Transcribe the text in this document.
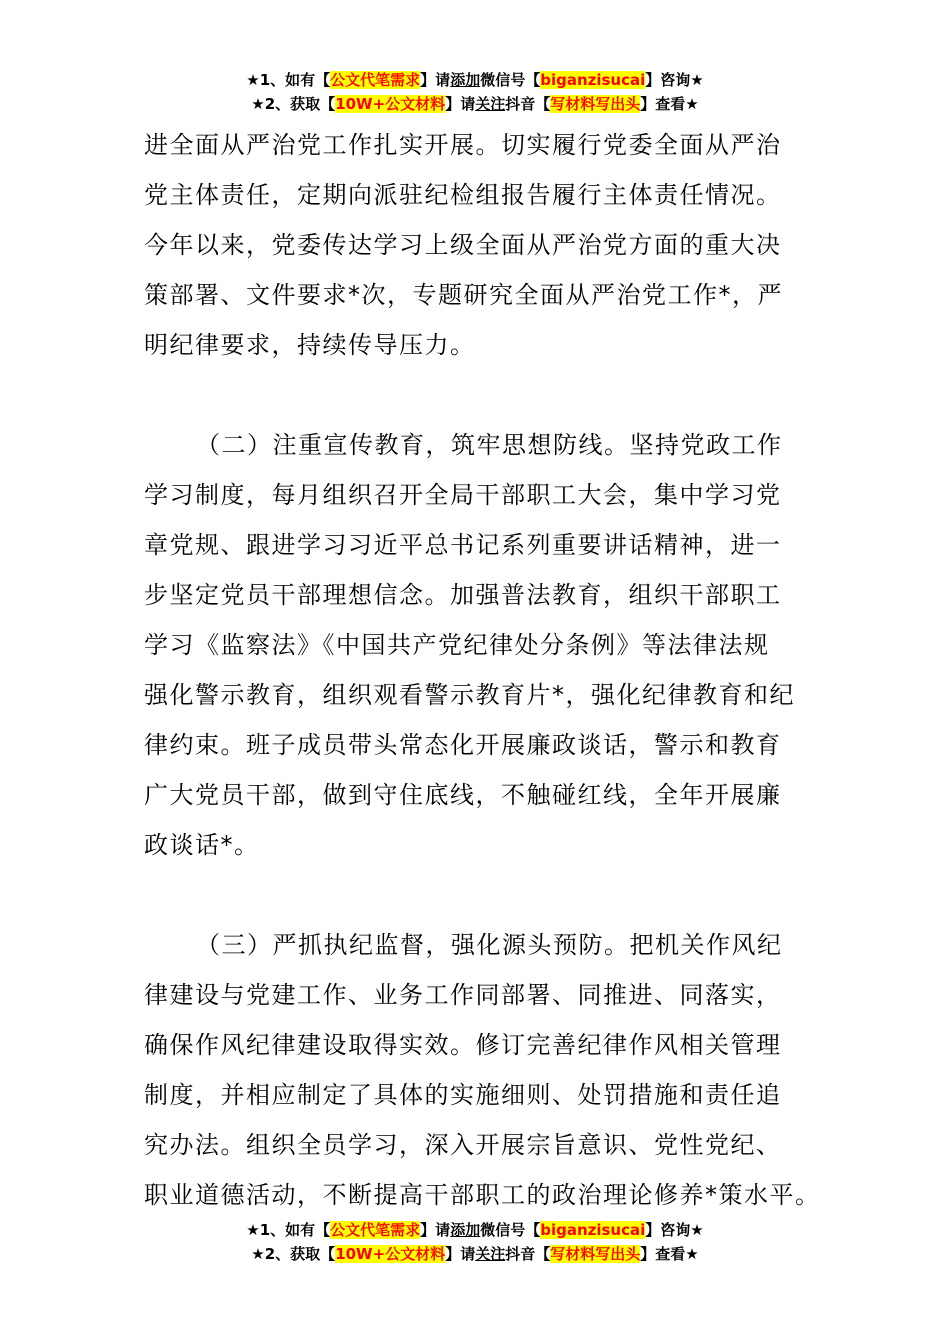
★1、如有【公文代笔需求】请添加微信号【biganzisucai】咨询★
★2、获取【10W+公文材料】请关注抖音【写材料写出头】查看★
进全面从严治党工作扎实开展。切实履行党委全面从严治
党主体责任，定期向派驻纪检组报告履行主体责任情况。
今年以来，党委传达学习上级全面从严治党方面的重大决
策部署、文件要求*次，专题研究全面从严治党工作*，严
明纪律要求，持续传导压力。
（二）注重宣传教育，筑牢思想防线。坚持党政工作
学习制度，每月组织召开全局干部职工大会，集中学习党
章党规、跟进学习习近平总书记系列重要讲话精神，进一
步坚定党员干部理想信念。加强普法教育，组织干部职工
学习《监察法》《中国共产党纪律处分条例》等法律法规
强化警示教育，组织观看警示教育片*，强化纪律教育和纪
律约束。班子成员带头常态化开展廉政谈话，警示和教育
广大党员干部，做到守住底线，不触碰红线，全年开展廉
政谈话*。
（三）严抓执纪监督，强化源头预防。把机关作风纪
律建设与党建工作、业务工作同部署、同推进、同落实，
确保作风纪律建设取得实效。修订完善纪律作风相关管理
制度，并相应制定了具体的实施细则、处罚措施和责任追
究办法。组织全员学习，深入开展宗旨意识、党性党纪、
职业道德活动，不断提高干部职工的政治理论修养*策水平。
★1、如有【公文代笔需求】请添加微信号【biganzisucai】咨询★
★2、获取【10W+公文材料】请关注抖音【写材料写出头】查看★
